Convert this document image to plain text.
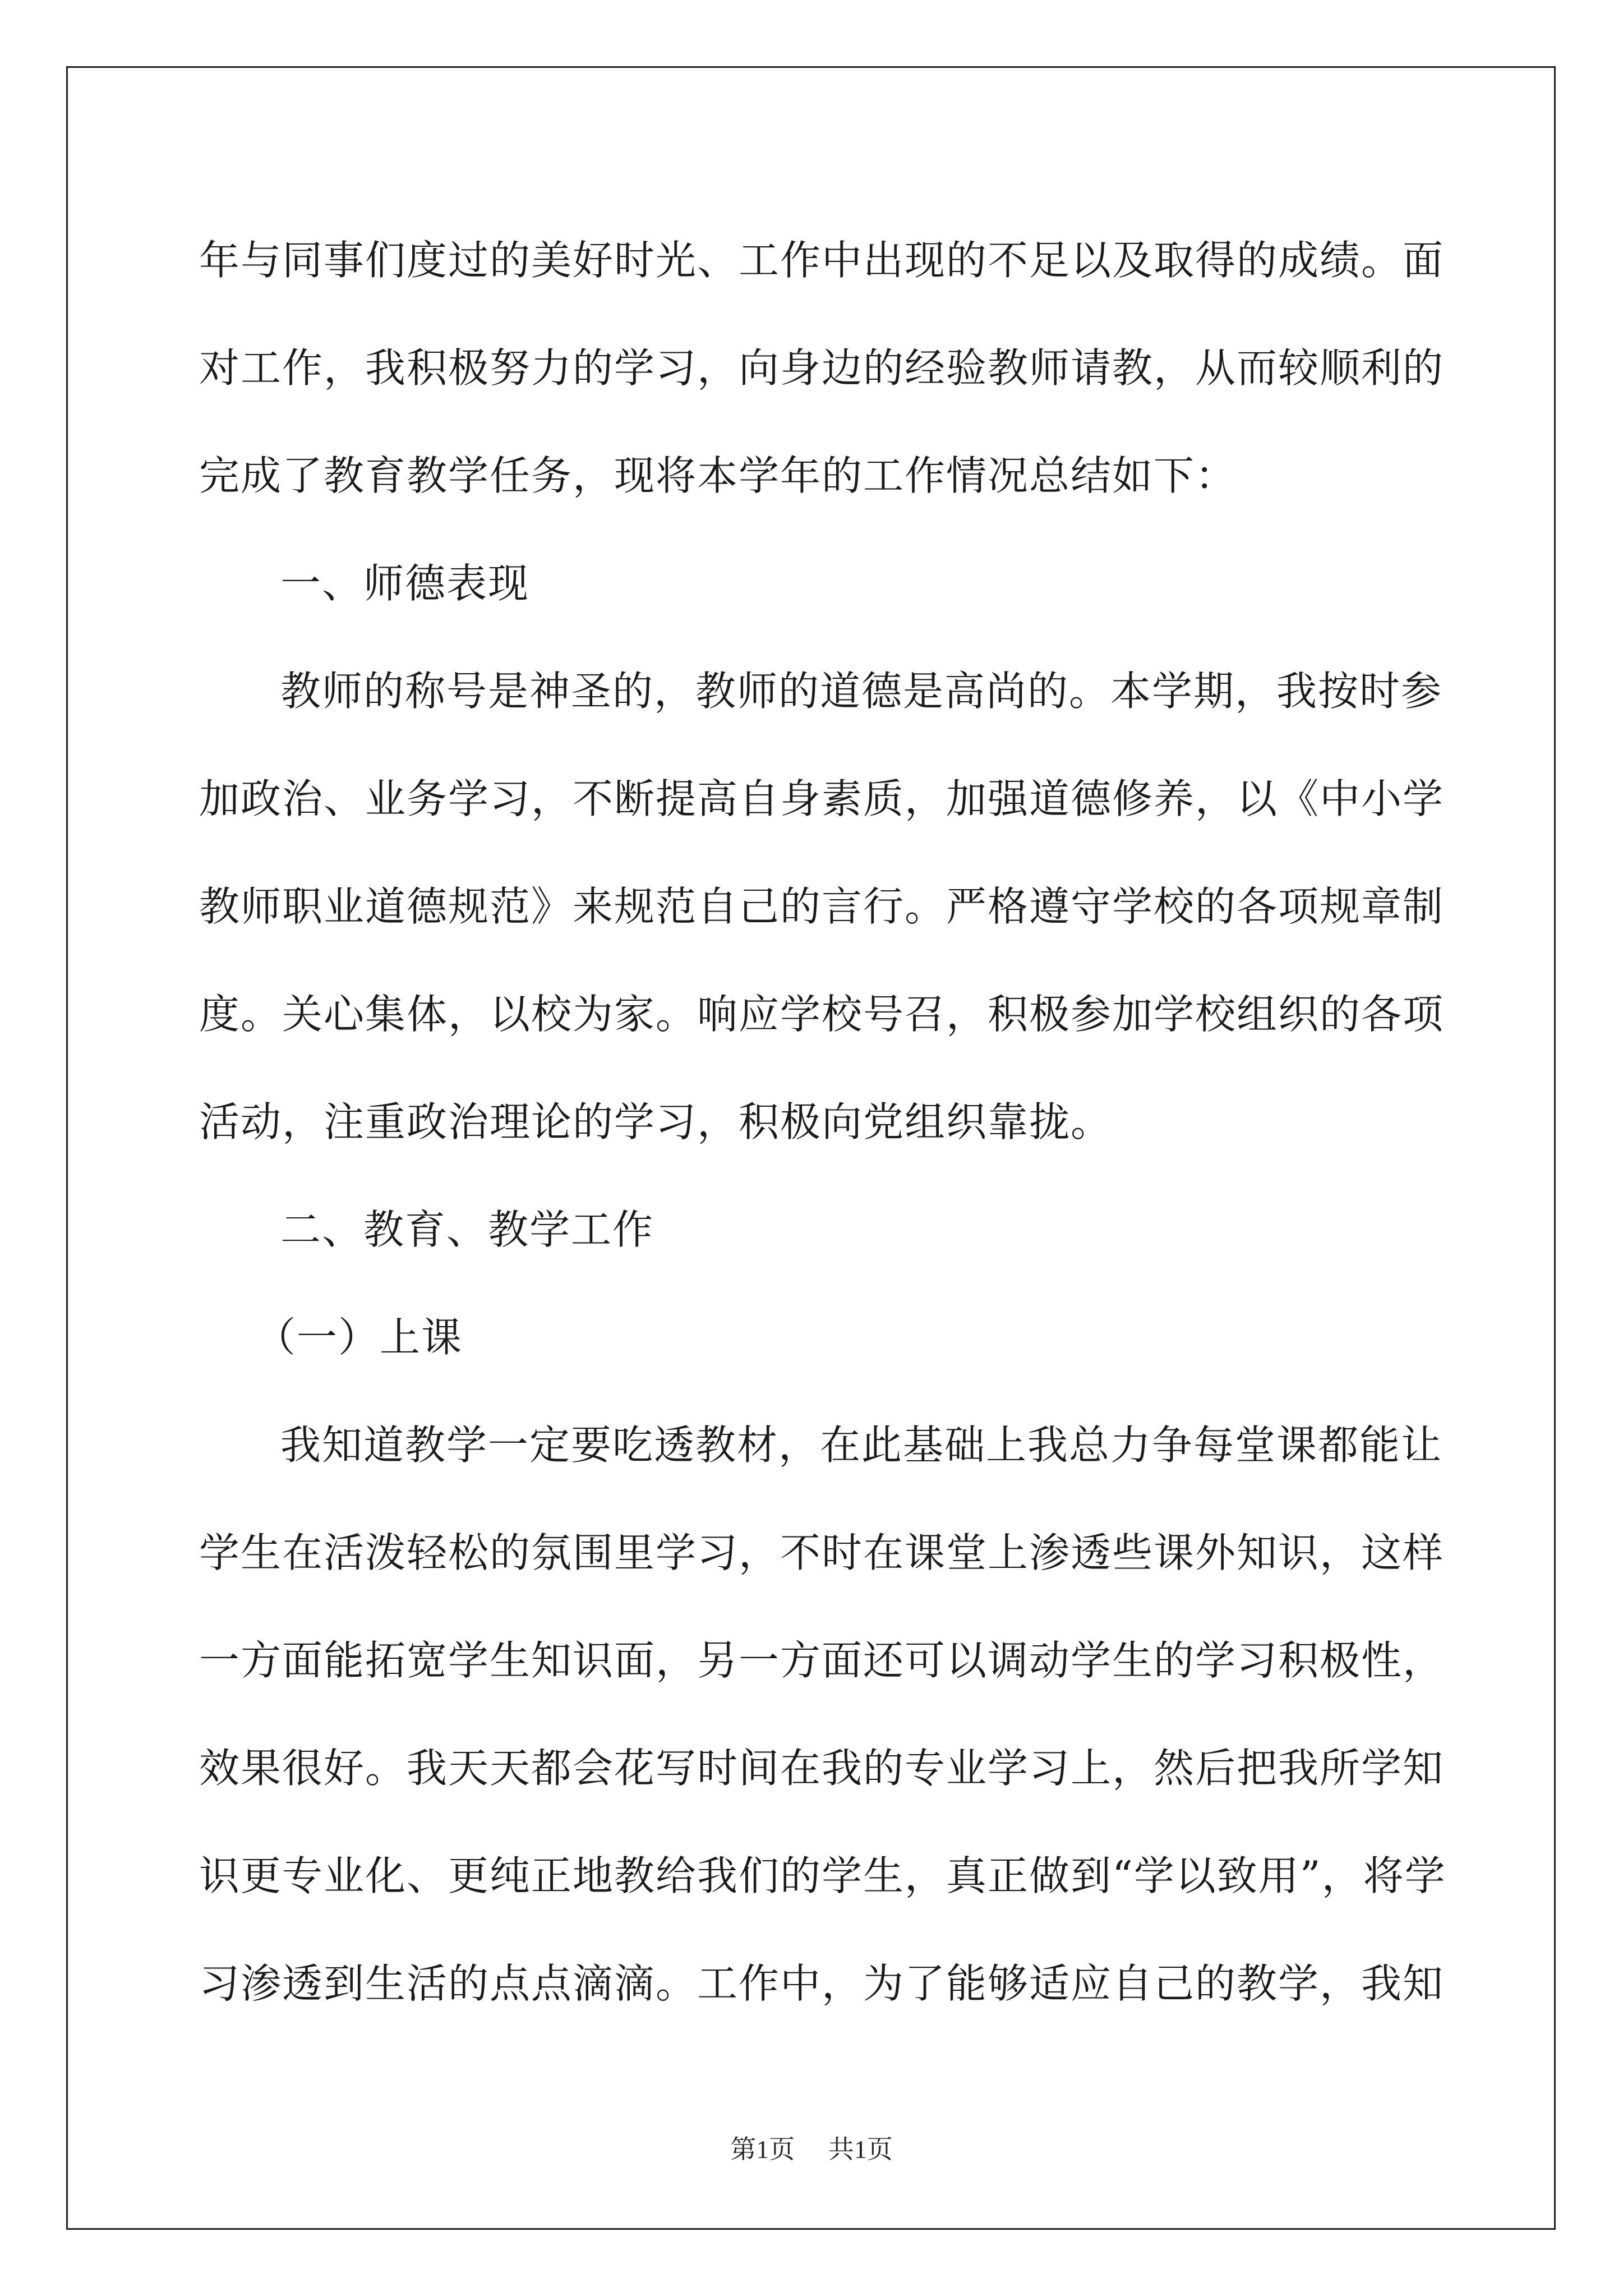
年与同事们度过的美好时光、工作中出现的不足以及取得的成绩。面
对工作，我积极努力的学习，向身边的经验教师请教，从而较顺利的
完成了教育教学任务，现将本学年的工作情况总结如下：
一、师德表现
教师的称号是神圣的，教师的道德是高尚的。本学期，我按时参
加政治、业务学习，不断提高自身素质，加强道德修养，以《中小学
教师职业道德规范》来规范自己的言行。严格遵守学校的各项规章制
度。关心集体，以校为家。响应学校号召，积极参加学校组织的各项
活动，注重政治理论的学习，积极向党组织靠拢。
二、教育、教学工作
（一）上课
我知道教学一定要吃透教材，在此基础上我总力争每堂课都能让
学生在活泼轻松的氛围里学习，不时在课堂上渗透些课外知识，这样
一方面能拓宽学生知识面，另一方面还可以调动学生的学习积极性，
效果很好。我天天都会花写时间在我的专业学习上，然后把我所学知
识更专业化、更纯正地教给我们的学生，真正做到“学以致用”，将学
习渗透到生活的点点滴滴。工作中，为了能够适应自己的教学，我知
第1页 共1页
